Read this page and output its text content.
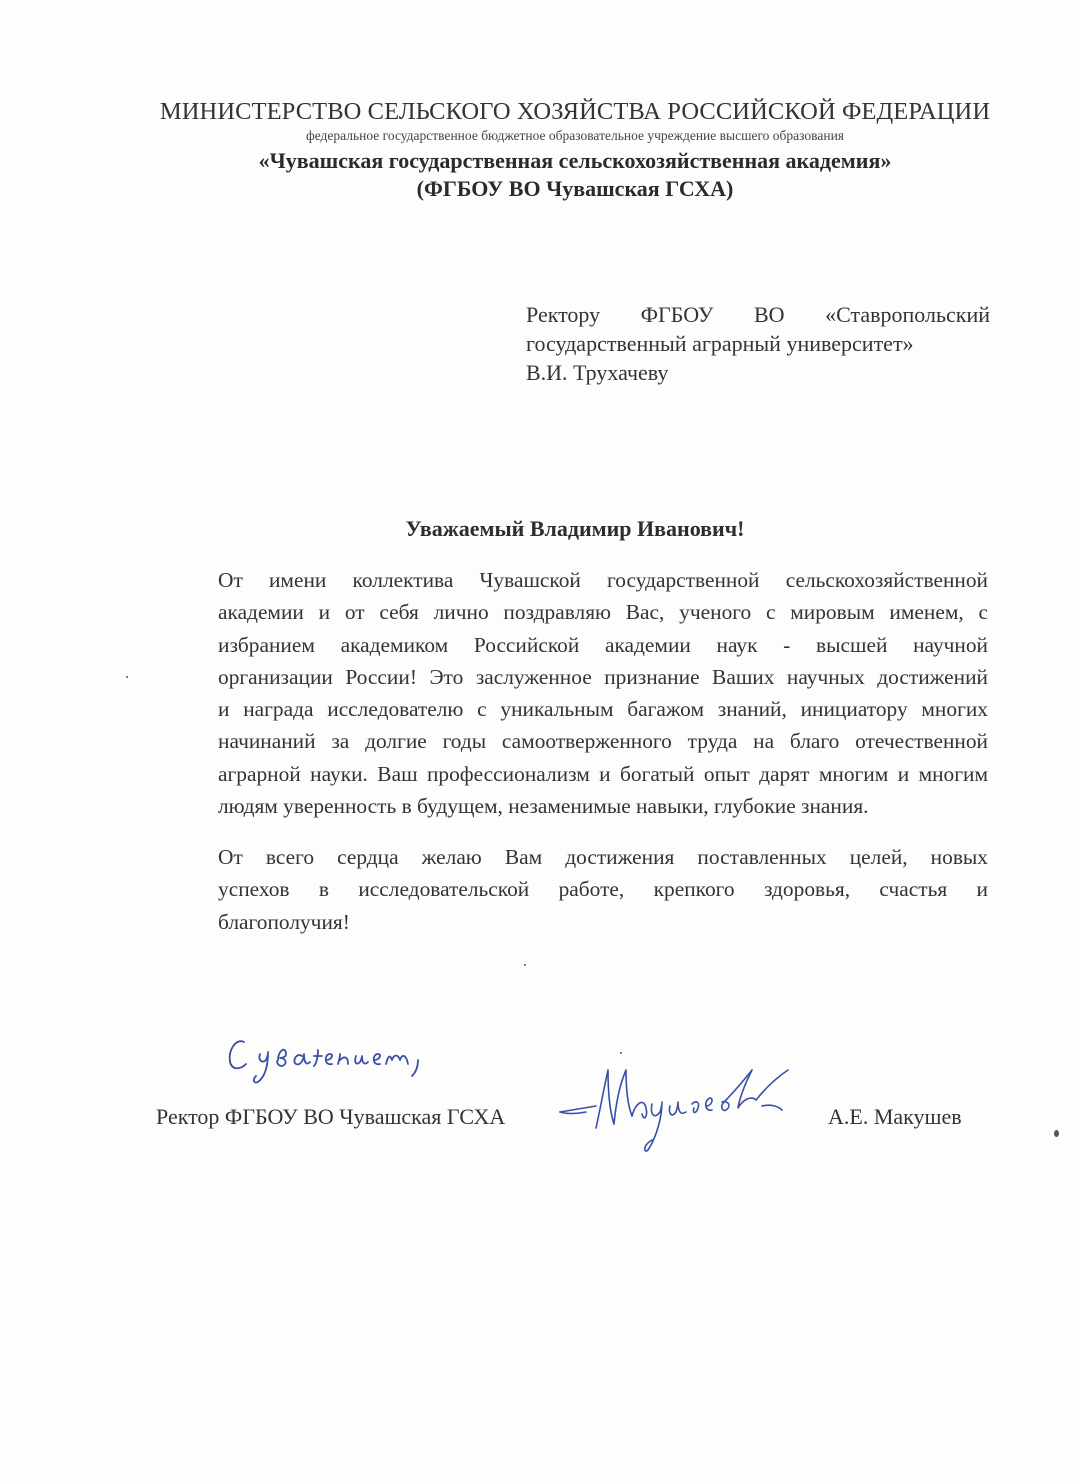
МИНИСТЕРСТВО СЕЛЬСКОГО ХОЗЯЙСТВА РОССИЙСКОЙ ФЕДЕРАЦИИ
федеральное государственное бюджетное образовательное учреждение высшего образования
«Чувашская государственная сельскохозяйственная академия»
(ФГБОУ ВО Чувашская ГСХА)
Ректору ФГБОУ ВО «Ставропольский
государственный аграрный университет»
В.И. Трухачеву
Уважаемый Владимир Иванович!
От имени коллектива Чувашской государственной сельскохозяйственной
академии и от себя лично поздравляю Вас, ученого с мировым именем, с
избранием академиком Российской академии наук - высшей научной
организации России! Это заслуженное признание Ваших научных достижений
и награда исследователю с уникальным багажом знаний, инициатору многих
начинаний за долгие годы самоотверженного труда на благо отечественной
аграрной науки. Ваш профессионализм и богатый опыт дарят многим и многим
людям уверенность в будущем, незаменимые навыки, глубокие знания.
От всего сердца желаю Вам достижения поставленных целей, новых
успехов в исследовательской работе, крепкого здоровья, счастья и
благополучия!
Ректор ФГБОУ ВО Чувашская ГСХА	А.Е. Макушев
